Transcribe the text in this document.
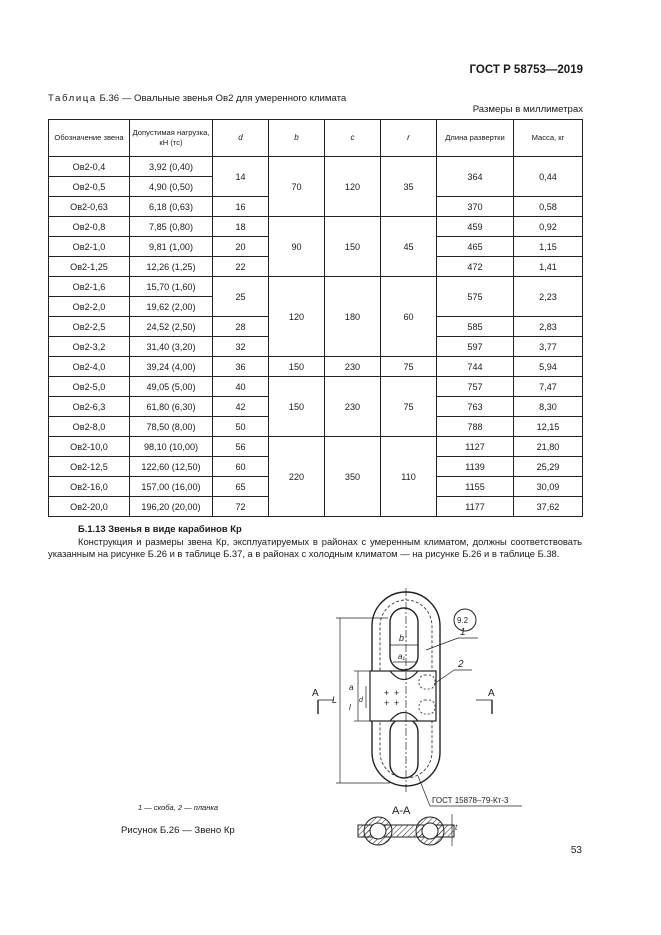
ГОСТ Р 58753—2019
Таблица Б.36 — Овальные звенья Ов2 для умеренного климата
Размеры в миллиметрах
Обозначение звена	Допустимая нагрузка, кН (тс)	d	b	c	r	Длина развертки	Масса, кг
Ов2-0,4	3,92 (0,40)	14	70	120	35	364	0,44
Ов2-0,5	4,90 (0,50)						
Ов2-0,63	6,18 (0,63)	16				370	0,58
Ов2-0,8	7,85 (0,80)	18	90	150	45	459	0,92
Ов2-1,0	9,81 (1,00)	20				465	1,15
Ов2-1,25	12,26 (1,25)	22				472	1,41
Ов2-1,6	15,70 (1,60)	25	120	180	60	575	2,23
Ов2-2,0	19,62 (2,00)						
Ов2-2,5	24,52 (2,50)	28				585	2,83
Ов2-3,2	31,40 (3,20)	32				597	3,77
Ов2-4,0	39,24 (4,00)	36	150	230	75	744	5,94
Ов2-5,0	49,05 (5,00)	40	150	230	75	757	7,47
Ов2-6,3	61,80 (6,30)	42				763	8,30
Ов2-8,0	78,50 (8,00)	50				788	12,15
Ов2-10,0	98,10 (10,00)	56	220	350	110	1127	21,80
Ов2-12,5	122,60 (12,50)	60				1139	25,29
Ов2-16,0	157,00 (16,00)	65				1155	30,09
Ов2-20,0	196,20 (20,00)	72				1177	37,62
Б.1.13 Звенья в виде карабинов Кр
Конструкция и размеры звена Кр, эксплуатируемых в районах с умеренным климатом, должны соответствовать указанным на рисунке Б.26 и в таблице Б.37, а в районах с холодным климатом — на рисунке Б.26 и в таблице Б.38.
+ +
+ +
L
b
a₁
a
l
d
А	А
9.2
1
2
ГОСТ 15878–79-Кт-3
А-А
t
1 — скоба, 2 — планка
Рисунок Б.26 — Звено Кр
53
